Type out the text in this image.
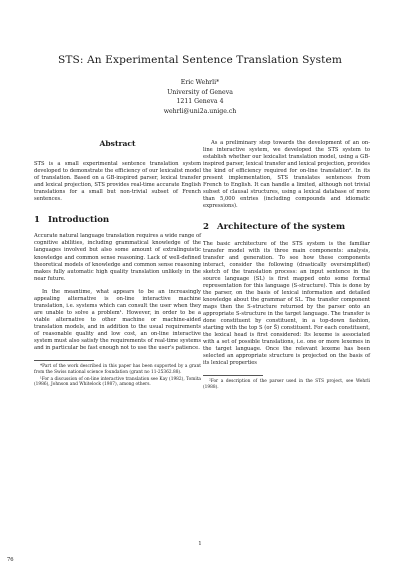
STS: An Experimental Sentence Translation System
Eric Wehrli*
University of Geneva
1211 Geneva 4
wehrli@uni2a.unige.ch
Abstract

STS is a small experimental sentence translation system developed to demonstrate the efficiency of our lexicalist model of translation. Based on a GB-inspired parser, lexical transfer and lexical projection, STS provides real-time accurate English translations for a small but non-trivial subset of French sentences.

1 Introduction

Accurate natural language translation requires a wide range of cognitive abilities, including grammatical knowledge of the languages involved but also some amount of extralinguistic knowledge and common sense reasoning. Lack of well-defined theoretical models of knowledge and common sense reasoning makes fully automatic high quality translation unlikely in the near future.

In the meantime, what appears to be an increasingly appealing alternative is on-line interactive machine translation, i.e. systems which can consult the user when they are unable to solve a problem¹. However, in order to be a viable alternative to other machine or machine-aided translation models, and in addition to the usual requirements of reasonable quality and low cost, an on-line interactive system must also satisfy the requirements of real-time systems and in particular be fast enough not to use the user's patience.

*Part of the work described in this paper has been supported by a grant from the Swiss national science foundation (grant no 11-25362.88).

¹For a discussion of on-line interactive translation see Kay (1982), Tomita (1986), Johnson and Whitelock (1987), among others.

As a preliminary step towards the development of an on-line interactive system, we developed the STS system to establish whether our lexicalist translation model, using a GB-inspired parser, lexical transfer and lexical projection, provides the kind of efficiency required for on-line translation². In its present implementation, STS translates sentences from French to English. It can handle a limited, although not trivial subset of clausal structures, using a lexical database of more than 5,000 entries (including compounds and idiomatic expressions).

2 Architecture of the system

The basic architecture of the STS system is the familiar transfer model with its three main components: analysis, transfer and generation. To see how these components interact, consider the following (drastically oversimplified) sketch of the translation process: an input sentence in the source language (SL) is first mapped onto some formal representation for this language (S-structure). This is done by the parser, on the basis of lexical information and detailed knowledge about the grammar of SL. The transfer component maps then the S-structure returned by the parser onto an appropriate S-structure in the target language. The transfer is done constituent by constituent, in a top-down fashion, starting with the top S (or S̄) constituent. For each constituent, the lexical head is first considered: Its lexeme is associated with a set of possible translations, i.e. one or more lexemes in the target language. Once the relevant lexeme has been selected an appropriate structure is projected on the basis of its lexical properties

²For a description of the parser used in the STS project, see Wehrli (1988).

1
76
